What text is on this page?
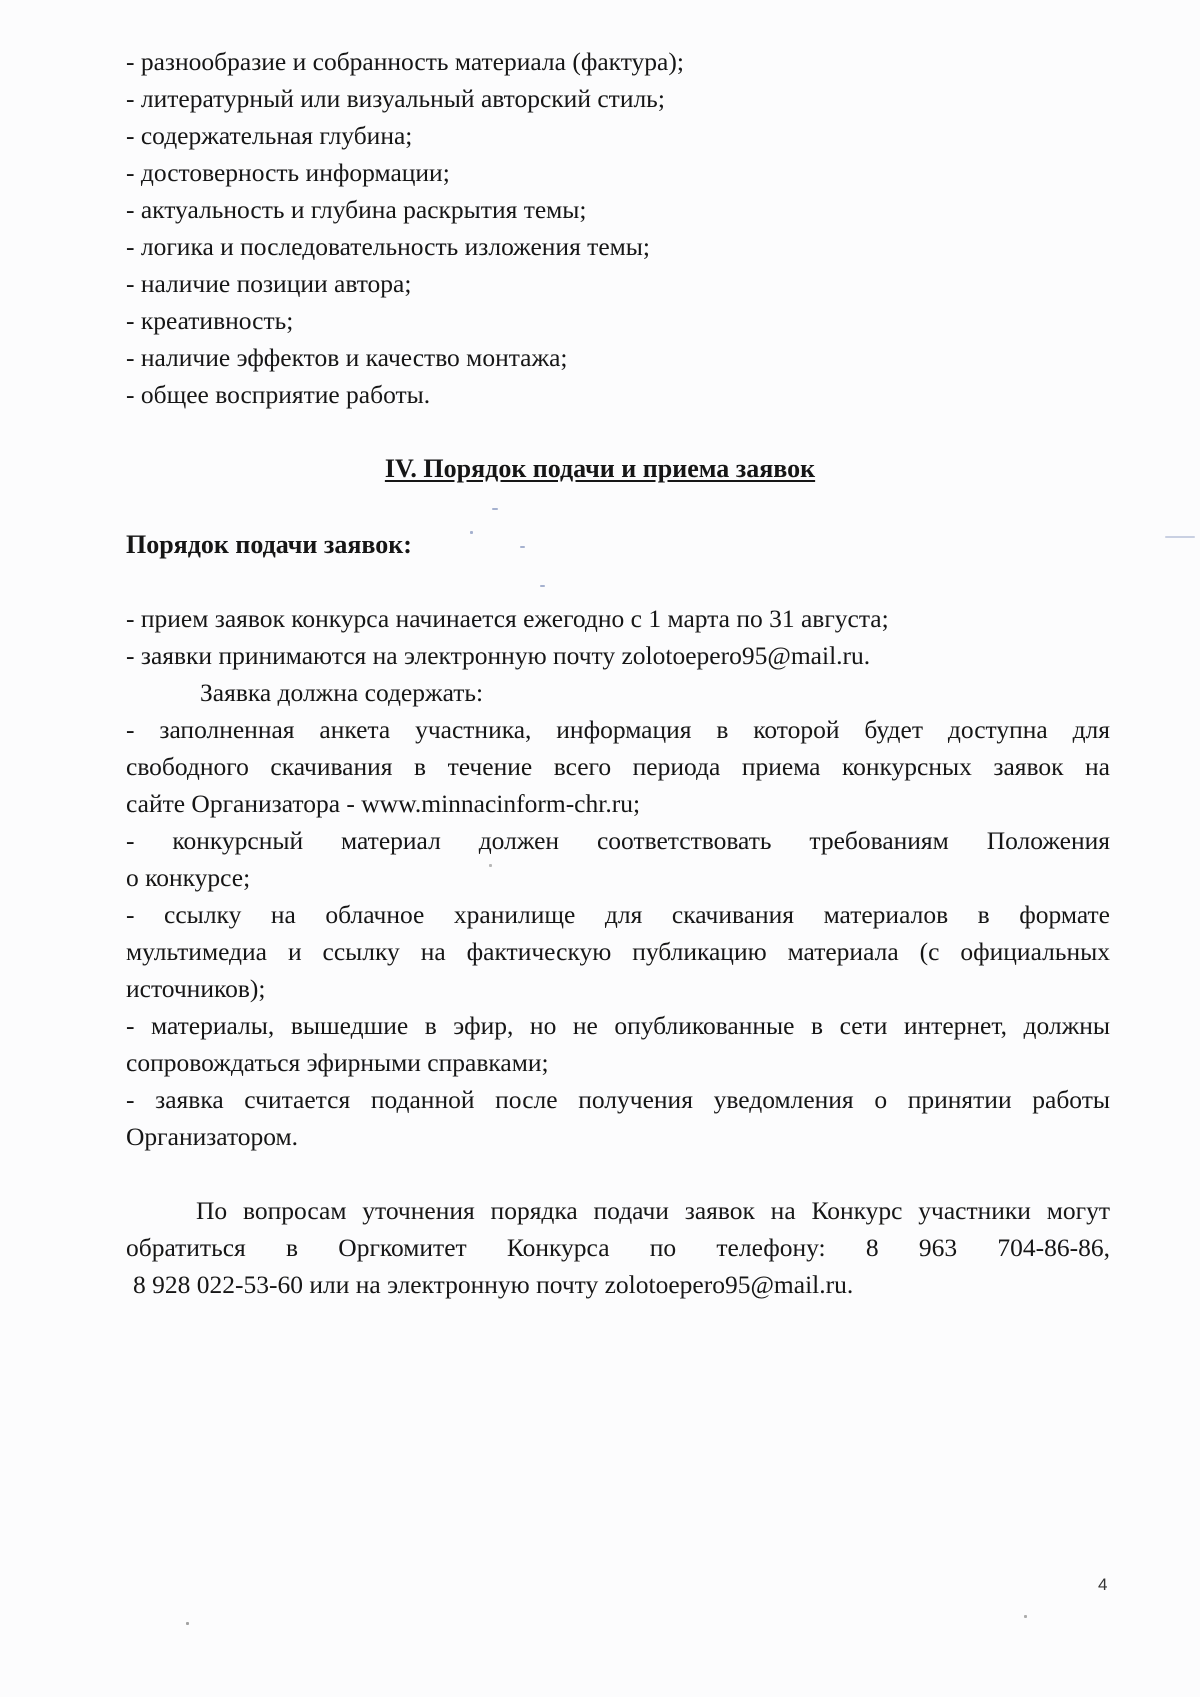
- разнообразие и собранность материала (фактура);
- литературный или визуальный авторский стиль;
- содержательная глубина;
- достоверность информации;
- актуальность и глубина раскрытия темы;
- логика и последовательность изложения темы;
- наличие позиции автора;
- креативность;
- наличие эффектов и качество монтажа;
- общее восприятие работы.
IV. Порядок подачи и приема заявок
Порядок подачи заявок:
- прием заявок конкурса начинается ежегодно с 1 марта по 31 августа;
- заявки принимаются на электронную почту zolotoepero95@mail.ru.
Заявка должна содержать:
- заполненная анкета участника, информация в которой будет доступна для
свободного скачивания в течение всего периода приема конкурсных заявок на
сайте Организатора - www.minnacinform-chr.ru;
- конкурсный материал должен соответствовать требованиям Положения
о конкурсе;
- ссылку на облачное хранилище для скачивания материалов в формате
мультимедиа и ссылку на фактическую публикацию материала (с официальных
источников);
- материалы, вышедшие в эфир, но не опубликованные в сети интернет, должны
сопровождаться эфирными справками;
- заявка считается поданной после получения уведомления о принятии работы
Организатором.
По вопросам уточнения порядка подачи заявок на Конкурс участники могут
обратиться в Оргкомитет Конкурса по телефону: 8 963 704-86-86,
8 928 022-53-60 или на электронную почту zolotoepero95@mail.ru.
4
